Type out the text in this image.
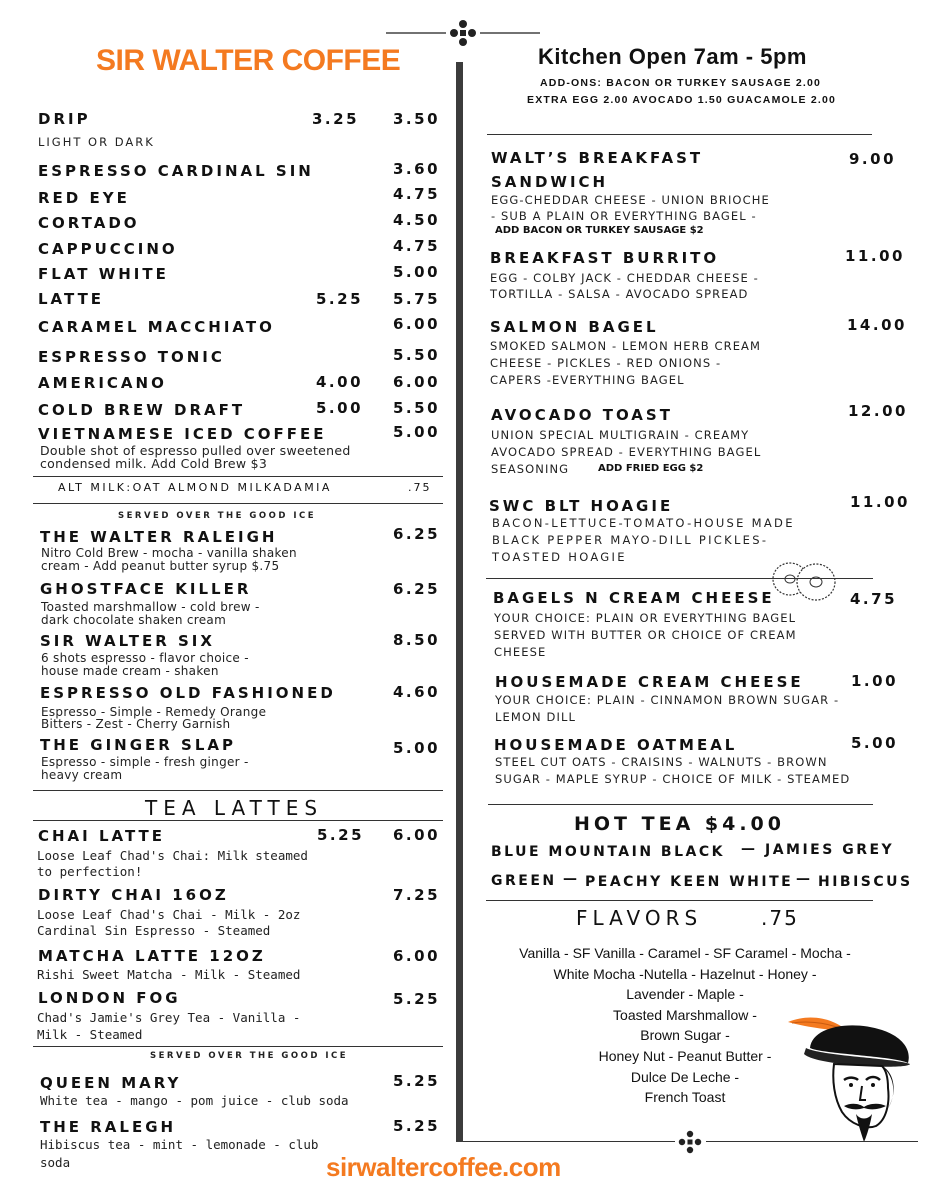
SIR WALTER COFFEE	Kitchen Open 7am - 5pm
ADD-ONS: BACON OR TURKEY SAUSAGE 2.00
EXTRA EGG 2.00 AVOCADO 1.50 GUACAMOLE 2.00
DRIP	3.25 3.50
LIGHT OR DARK
ESPRESSO CARDINAL SIN	3.60
RED EYE	4.75
CORTADO	4.50
CAPPUCCINO	4.75
FLAT WHITE	5.00
LATTE	5.25 5.75
CARAMEL MACCHIATO	6.00
ESPRESSO TONIC	5.50
AMERICANO	4.00 6.00
COLD BREW DRAFT	5.00 5.50
VIETNAMESE ICED COFFEE	5.00
Double shot of espresso pulled over sweetened
condensed milk. Add Cold Brew $3
ALT MILK:OAT ALMOND MILKADAMIA	.75
SERVED OVER THE GOOD ICE
THE WALTER RALEIGH	6.25
Nitro Cold Brew - mocha - vanilla shaken
cream - Add peanut butter syrup $.75
GHOSTFACE KILLER	6.25
Toasted marshmallow - cold brew -
dark chocolate shaken cream
SIR WALTER SIX	8.50
6 shots espresso - flavor choice -
house made cream - shaken
ESPRESSO OLD FASHIONED	4.60
Espresso - Simple - Remedy Orange
Bitters - Zest - Cherry Garnish
THE GINGER SLAP	5.00
Espresso - simple - fresh ginger -
heavy cream
TEA LATTES
CHAI LATTE	5.25 6.00
Loose Leaf Chad's Chai: Milk steamed
to perfection!
DIRTY CHAI 16OZ	7.25
Loose Leaf Chad's Chai - Milk - 2oz
Cardinal Sin Espresso - Steamed
MATCHA LATTE 12OZ	6.00
Rishi Sweet Matcha - Milk - Steamed
LONDON FOG	5.25
Chad's Jamie's Grey Tea - Vanilla -
Milk - Steamed
SERVED OVER THE GOOD ICE
QUEEN MARY	5.25
White tea - mango - pom juice - club soda
THE RALEGH	5.25
Hibiscus tea - mint - lemonade - club
soda
WALT’S BREAKFAST
SANDWICH
9.00
EGG-CHEDDAR CHEESE - UNION BRIOCHE
- SUB A PLAIN OR EVERYTHING BAGEL -
ADD BACON OR TURKEY SAUSAGE $2
BREAKFAST BURRITO	11.00
EGG - COLBY JACK - CHEDDAR CHEESE -
TORTILLA - SALSA - AVOCADO SPREAD
SALMON BAGEL	14.00
SMOKED SALMON - LEMON HERB CREAM
CHEESE - PICKLES - RED ONIONS -
CAPERS -EVERYTHING BAGEL
AVOCADO TOAST	12.00
UNION SPECIAL MULTIGRAIN - CREAMY
AVOCADO SPREAD - EVERYTHING BAGEL
SEASONING	ADD FRIED EGG $2
SWC BLT HOAGIE	11.00
BACON-LETTUCE-TOMATO-HOUSE MADE
BLACK PEPPER MAYO-DILL PICKLES-
TOASTED HOAGIE
BAGELS N CREAM CHEESE	4.75
YOUR CHOICE: PLAIN OR EVERYTHING BAGEL
SERVED WITH BUTTER OR CHOICE OF CREAM
CHEESE
HOUSEMADE CREAM CHEESE	1.00
YOUR CHOICE: PLAIN - CINNAMON BROWN SUGAR -
LEMON DILL
HOUSEMADE OATMEAL	5.00
STEEL CUT OATS - CRAISINS - WALNUTS - BROWN
SUGAR - MAPLE SYRUP - CHOICE OF MILK - STEAMED
HOT TEA $4.00
BLUE MOUNTAIN BLACK — JAMIES GREY
GREEN — PEACHY KEEN WHITE — HIBISCUS
FLAVORS	.75
Vanilla - SF Vanilla - Caramel - SF Caramel - Mocha -
White Mocha -Nutella - Hazelnut - Honey -
Lavender - Maple -
Toasted Marshmallow -
Brown Sugar -
Honey Nut - Peanut Butter -
Dulce De Leche -
French Toast
sirwaltercoffee.com
